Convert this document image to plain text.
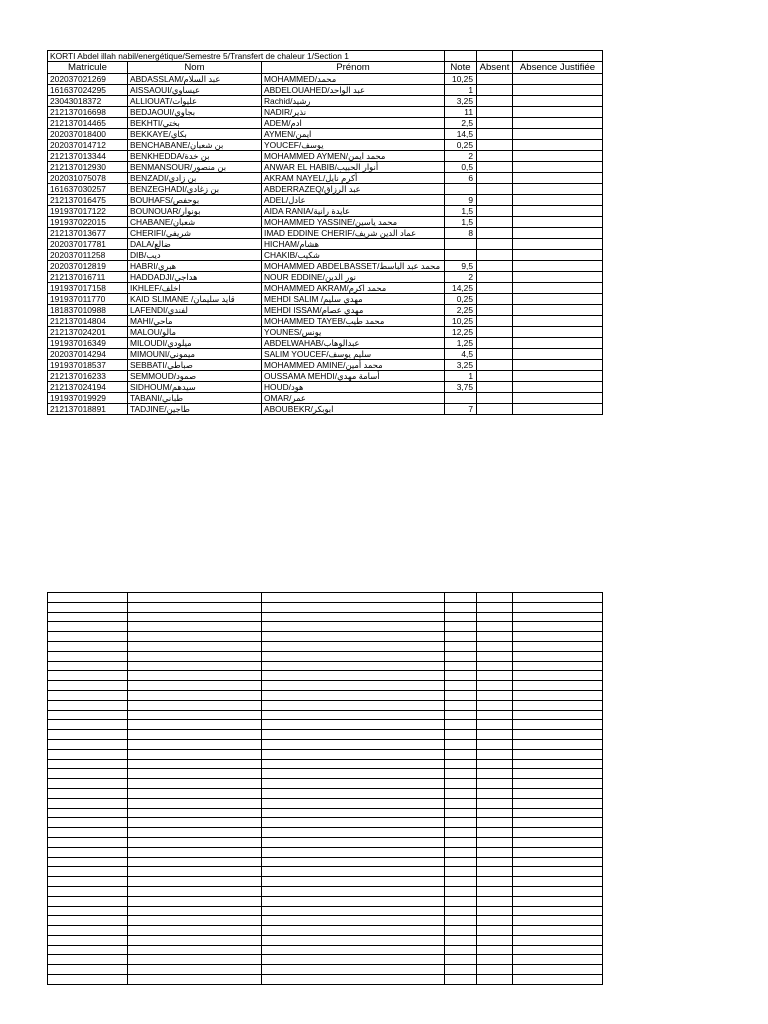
KORTI Abdel illah nabil/energétique/Semestre 5/Transfert de chaleur 1/Section 1					
Matricule	Nom	Prénom	Note	Absent	Absence Justifiée
202037021269	ABDASSLAM/عبد السلام	MOHAMMED/محمد	10,25		
161637024295	AISSAOUI/عيساوي	ABDELOUAHED/عبد الواحد	1		
23043018372	ALLIOUAT/عليوات	Rachid/رشيد	3,25		
212137016698	BEDJAOUI/بجاوي	NADIR/نذير	11		
212137014465	BEKHTI/بختي	ADEM/ادم	2,5		
202037018400	BEKKAYE/بكاي	AYMEN/ايمن	14,5		
202037014712	BENCHABANE/بن شعبان	YOUCEF/يوسف	0,25		
212137013344	BENKHEDDA/بن خدة	MOHAMMED AYMEN/محمد ايمن	2		
212137012930	BENMANSOUR/بن منصور	ANWAR EL HABIB/أنوار الحبيب	0,5		
202031075078	BENZADI/بن زادي	AKRAM NAYEL/أكرم نايل	6		
161637030257	BENZEGHADI/بن زغادي	ABDERRAZEQ/عبد الرزاق			
212137016475	BOUHAFS/بوحفص	ADEL/عادل	9		
191937017122	BOUNOUAR/بونوار	AIDA RANIA/عايدة رانية	1,5		
191937022015	CHABANE/شعبان	MOHAMMED YASSINE/محمد ياسين	1,5		
212137013677	CHERIFI/شريفي	IMAD EDDINE CHERIF/عماد الدين شريف	8		
202037017781	DALA/ضالع	HICHAM/هشام			
202037011258	DIB/ديب	CHAKIB/شكيب			
202037012819	HABRI/هبري	MOHAMMED ABDELBASSET/محمد عبد الباسط	9,5		
212137016711	HADDADJI/هداجي	NOUR EDDINE/نور الدين	2		
191937017158	IKHLEF/اخلف	MOHAMMED AKRAM/محمد اكرم	14,25		
191937011770	KAID SLIMANE /قايد سليمان	MEHDI SALIM /مهدي سليم	0,25		
181837010988	LAFENDI/لفندي	MEHDI ISSAM/مهدي عصام	2,25		
212137014804	MAHI/ماحي	MOHAMMED TAYEB/محمد طيب	10,25		
212137024201	MALOU/مالو	YOUNES/يونس	12,25		
191937016349	MILOUDI/ميلودي	ABDELWAHAB/عبدالوهاب	1,25		
202037014294	MIMOUNI/ميموني	SALIM YOUCEF/سليم يوسف	4,5		
191937018537	SEBBATI/صباطي	MOHAMMED AMINE/محمد أمين	3,25		
212137016233	SEMMOUD/صمود	OUSSAMA MEHDI/أسامة مهدي	1		
212137024194	SIDHOUM/سيدهم	HOUD/هود	3,75		
191937019929	TABANI/طباني	OMAR/عمر			
212137018891	TADJINE/طاجين	ABOUBEKR/ابوبكر	7		
